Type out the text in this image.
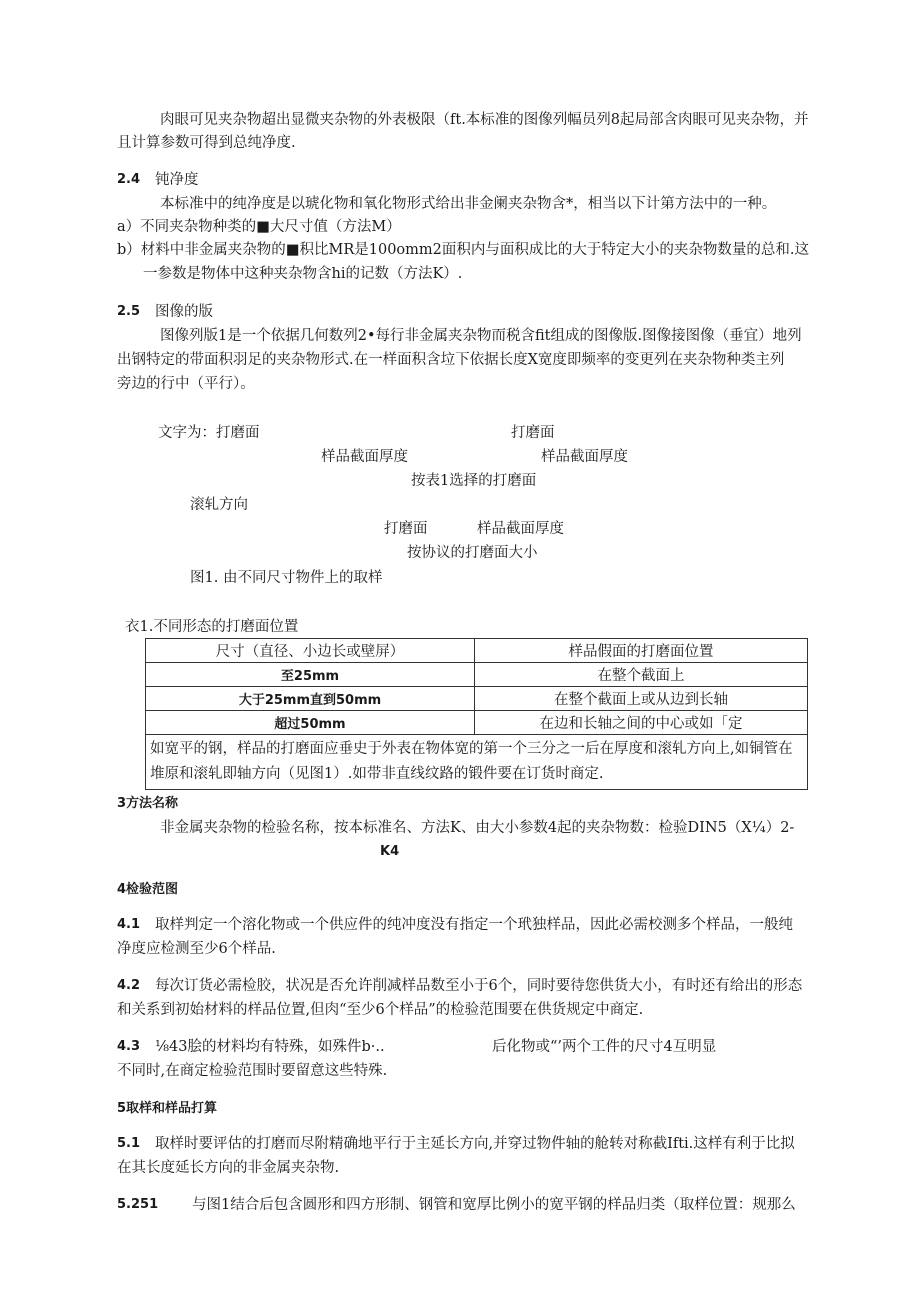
肉眼可见夹杂物超出显微夹杂物的外表极限（ft.本标准的图像列幅员列8起局部含肉眼可见夹杂物，并
且计算参数可得到总纯净度.
2.4 钝净度
本标准中的纯净度是以琥化物和氧化物形式给出非金阑夹杂物含*，相当以下计第方法中的一种。
a）不同夹杂物种类的■大尺寸值（方法M）
b）材料中非金属夹杂物的■积比MR是100omm2面积内与面积成比的大于特定大小的夹杂物数量的总和.这
一参数是物体中这种夹杂物含hi的记数（方法K）.
2.5 图像的版
图像列版1是一个依据几何数列2•每行非金属夹杂物而税含fit组成的图像版.图像接图像（垂宜）地列
出钢特定的带面积羽足的夹杂物形式.在一样面积含垃下依据长度X宽度即频率的变更列在夹杂物种类主列
旁边的行中（平行）。
文字为：打磨面	打磨面
样品截面厚度	样品截面厚度
按表1选择的打磨面
滚轧方向
打磨面	样品截面厚度
按协议的打磨面大小
图1. 由不同尺寸物件上的取样
衣1.不同形态的打磨面位置
尺寸（直径、小边长或壁屏）	样品假面的打磨面位置
至25mm	在整个截面上
大于25mm直到50mm	在整个截面上或从边到长轴
超过50mm	在边和长轴之间的中心或如「定
如宽平的钢，样品的打磨面应垂史于外表在物体宽的第一个三分之一后在厚度和滚轧方向上,如铜管在堆原和滚轧即轴方向（见图1）.如带非直线纹路的锻件要在订货时商定.	
3方法名称
非金属夹杂物的检验名称，按本标准名、方法K、由大小参数4起的夹杂物数：检验DIN5（X¼）2-
K4
4检验范图
4.1 取样判定一个溶化物或一个供应件的纯冲度没有指定一个玳独样品，因此必需校测多个样品，一般纯
净度应检测至少6个样品.
4.2 每次订货必需检胶，状况是否允许削减样品数至小于6个，同时要待您供货大小，有时还有给出的形态
和关系到初始材料的样品位置,但肉“至少6个样品”的检验范围要在供货规定中商定.
4.3 ⅛43脍的材料均有特殊，如殊件b·..	后化物或“’两个工件的尺寸4互明显
不同时,在商定检验范围时要留意这些特殊.
5取样和样品打算
5.1 取样时要评估的打磨而尽附精确地平行于主延长方向,并穿过物件轴的舱转对称截Ifti.这样有利于比拟
在其长度延长方向的非金属夹杂物.
5.251 与图1结合后包含圆形和四方形制、钢管和宽厚比例小的宽平钢的样品归类（取样位置：规那么
